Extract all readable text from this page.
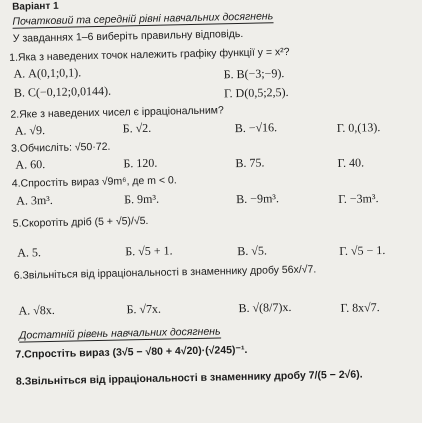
Варіант 1
Початковий та середній рівні навчальних досягнень
У завданнях 1–6 виберіть правильну відповідь.
1.Яка з наведених точок належить графіку функції y = x²?
А. A(0,1;0,1).	Б. B(−3;−9).
В. C(−0,12;0,0144).	Г. D(0,5;2,5).
2.Яке з наведених чисел є ірраціональним?
А. √9.	Б. √2.	В. −√16.	Г. 0,(13).
3.Обчисліть: √50·72.
А. 60.	Б. 120.	В. 75.	Г. 40.
4.Спростіть вираз √9m⁶, де m < 0.
А. 3m³.	Б. 9m³.	В. −9m³.	Г. −3m³.
5.Скоротіть дріб (5 + √5)/√5.
А. 5.	Б. √5 + 1.	В. √5.	Г. √5 − 1.
6.Звільніться від ірраціональності в знаменнику дробу 56x/√7.
А. √8x.	Б. √7x.	В. √(8/7)x.	Г. 8x√7.
Достатній рівень навчальних досягнень
7.Спростіть вираз (3√5 − √80 + 4√20)·(√245)⁻¹.
8.Звільніться від ірраціональності в знаменнику дробу 7/(5 − 2√6).
